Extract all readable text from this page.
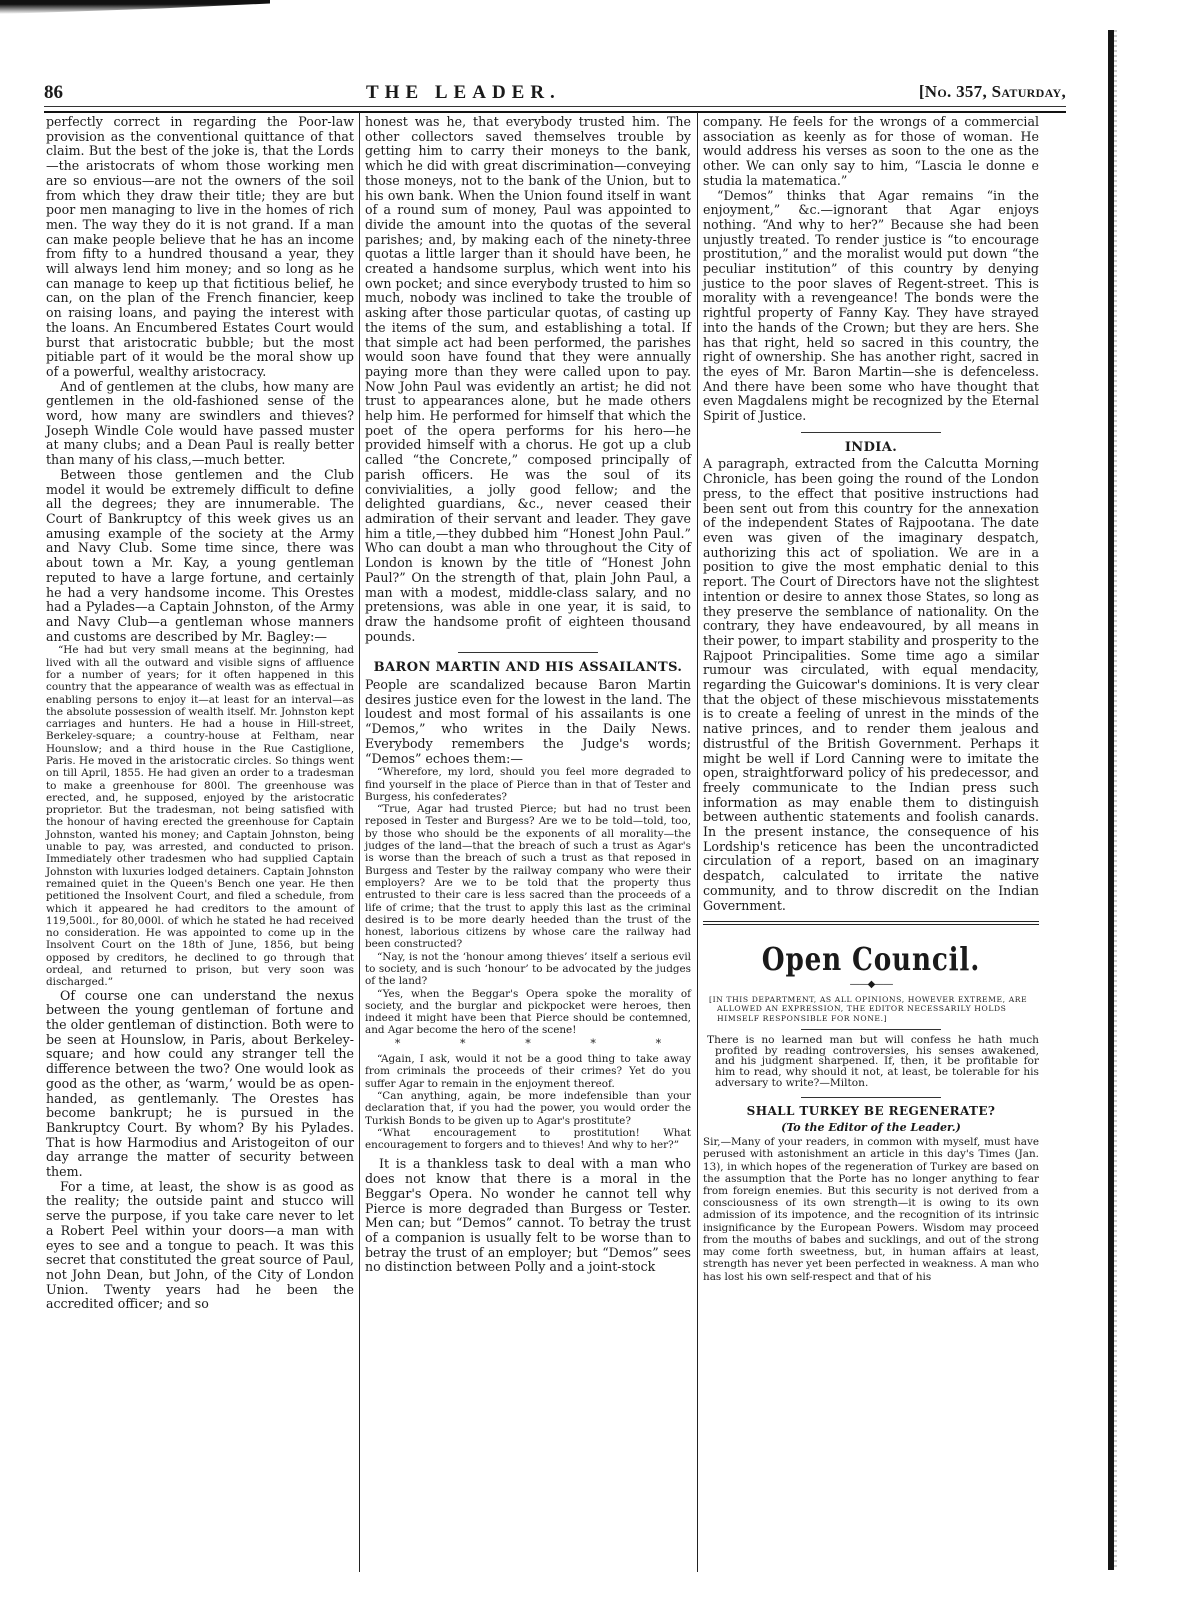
86	THE LEADER.	[No. 357, Saturday,

perfectly correct in regarding the Poor-law provision as the conventional quittance of that claim. But the best of the joke is, that the Lords—the aristocrats of whom those working men are so envious—are not the owners of the soil from which they draw their title; they are but poor men managing to live in the homes of rich men. The way they do it is not grand. If a man can make people believe that he has an income from fifty to a hundred thousand a year, they will always lend him money; and so long as he can manage to keep up that fictitious belief, he can, on the plan of the French financier, keep on raising loans, and paying the interest with the loans. An Encumbered Estates Court would burst that aristocratic bubble; but the most pitiable part of it would be the moral show up of a powerful, wealthy aristocracy.

And of gentlemen at the clubs, how many are gentlemen in the old-fashioned sense of the word, how many are swindlers and thieves? Joseph Windle Cole would have passed muster at many clubs; and a Dean Paul is really better than many of his class,—much better.

Between those gentlemen and the Club model it would be extremely difficult to define all the degrees; they are innumerable. The Court of Bankruptcy of this week gives us an amusing example of the society at the Army and Navy Club. Some time since, there was about town a Mr. Kay, a young gentleman reputed to have a large fortune, and certainly he had a very handsome income. This Orestes had a Pylades—a Captain Johnston, of the Army and Navy Club—a gentleman whose manners and customs are described by Mr. Bagley:—

“He had but very small means at the beginning, had lived with all the outward and visible signs of affluence for a number of years; for it often happened in this country that the appearance of wealth was as effectual in enabling persons to enjoy it—at least for an interval—as the absolute possession of wealth itself. Mr. Johnston kept carriages and hunters. He had a house in Hill-street, Berkeley-square; a country-house at Feltham, near Hounslow; and a third house in the Rue Castiglione, Paris. He moved in the aristocratic circles. So things went on till April, 1855. He had given an order to a tradesman to make a greenhouse for 800l. The greenhouse was erected, and, he supposed, enjoyed by the aristocratic proprietor. But the tradesman, not being satisfied with the honour of having erected the greenhouse for Captain Johnston, wanted his money; and Captain Johnston, being unable to pay, was arrested, and conducted to prison. Immediately other tradesmen who had supplied Captain Johnston with luxuries lodged detainers. Captain Johnston remained quiet in the Queen's Bench one year. He then petitioned the Insolvent Court, and filed a schedule, from which it appeared he had creditors to the amount of 119,500l., for 80,000l. of which he stated he had received no consideration. He was appointed to come up in the Insolvent Court on the 18th of June, 1856, but being opposed by creditors, he declined to go through that ordeal, and returned to prison, but very soon was discharged.”

Of course one can understand the nexus between the young gentleman of fortune and the older gentleman of distinction. Both were to be seen at Hounslow, in Paris, about Berkeley-square; and how could any stranger tell the difference between the two? One would look as good as the other, as ‘warm,’ would be as open-handed, as gentlemanly. The Orestes has become bankrupt; he is pursued in the Bankruptcy Court. By whom? By his Pylades. That is how Harmodius and Aristogeiton of our day arrange the matter of security between them.

For a time, at least, the show is as good as the reality; the outside paint and stucco will serve the purpose, if you take care never to let a Robert Peel within your doors—a man with eyes to see and a tongue to peach. It was this secret that constituted the great source of Paul, not John Dean, but John, of the City of London Union. Twenty years had he been the accredited officer; and so

honest was he, that everybody trusted him. The other collectors saved themselves trouble by getting him to carry their moneys to the bank, which he did with great discrimination—conveying those moneys, not to the bank of the Union, but to his own bank. When the Union found itself in want of a round sum of money, Paul was appointed to divide the amount into the quotas of the several parishes; and, by making each of the ninety-three quotas a little larger than it should have been, he created a handsome surplus, which went into his own pocket; and since everybody trusted to him so much, nobody was inclined to take the trouble of asking after those particular quotas, of casting up the items of the sum, and establishing a total. If that simple act had been performed, the parishes would soon have found that they were annually paying more than they were called upon to pay. Now John Paul was evidently an artist; he did not trust to appearances alone, but he made others help him. He performed for himself that which the poet of the opera performs for his hero—he provided himself with a chorus. He got up a club called “the Concrete,” composed principally of parish officers. He was the soul of its convivialities, a jolly good fellow; and the delighted guardians, &c., never ceased their admiration of their servant and leader. They gave him a title,—they dubbed him “Honest John Paul.” Who can doubt a man who throughout the City of London is known by the title of “Honest John Paul?” On the strength of that, plain John Paul, a man with a modest, middle-class salary, and no pretensions, was able in one year, it is said, to draw the handsome profit of eighteen thousand pounds.

BARON MARTIN AND HIS ASSAILANTS.

People are scandalized because Baron Martin desires justice even for the lowest in the land. The loudest and most formal of his assailants is one “Demos,” who writes in the Daily News. Everybody remembers the Judge's words; “Demos” echoes them:—

“Wherefore, my lord, should you feel more degraded to find yourself in the place of Pierce than in that of Tester and Burgess, his confederates?

“True, Agar had trusted Pierce; but had no trust been reposed in Tester and Burgess? Are we to be told—told, too, by those who should be the exponents of all morality—the judges of the land—that the breach of such a trust as Agar's is worse than the breach of such a trust as that reposed in Burgess and Tester by the railway company who were their employers? Are we to be told that the property thus entrusted to their care is less sacred than the proceeds of a life of crime; that the trust to apply this last as the criminal desired is to be more dearly heeded than the trust of the honest, laborious citizens by whose care the railway had been constructed?

“Nay, is not the ‘honour among thieves’ itself a serious evil to society, and is such ‘honour’ to be advocated by the judges of the land?

“Yes, when the Beggar's Opera spoke the morality of society, and the burglar and pickpocket were heroes, then indeed it might have been that Pierce should be contemned, and Agar become the hero of the scene!

*	*	*	*	*

“Again, I ask, would it not be a good thing to take away from criminals the proceeds of their crimes? Yet do you suffer Agar to remain in the enjoyment thereof.

“Can anything, again, be more indefensible than your declaration that, if you had the power, you would order the Turkish Bonds to be given up to Agar's prostitute?

“What encouragement to prostitution! What encouragement to forgers and to thieves! And why to her?”

It is a thankless task to deal with a man who does not know that there is a moral in the Beggar's Opera. No wonder he cannot tell why Pierce is more degraded than Burgess or Tester. Men can; but “Demos” cannot. To betray the trust of a companion is usually felt to be worse than to betray the trust of an employer; but “Demos” sees no distinction between Polly and a joint-stock

company. He feels for the wrongs of a commercial association as keenly as for those of woman. He would address his verses as soon to the one as the other. We can only say to him, “Lascia le donne e studia la matematica.”

“Demos” thinks that Agar remains “in the enjoyment,” &c.—ignorant that Agar enjoys nothing. “And why to her?” Because she had been unjustly treated. To render justice is “to encourage prostitution,” and the moralist would put down “the peculiar institution” of this country by denying justice to the poor slaves of Regent-street. This is morality with a revengeance! The bonds were the rightful property of Fanny Kay. They have strayed into the hands of the Crown; but they are hers. She has that right, held so sacred in this country, the right of ownership. She has another right, sacred in the eyes of Mr. Baron Martin—she is defenceless. And there have been some who have thought that even Magdalens might be recognized by the Eternal Spirit of Justice.

INDIA.

A paragraph, extracted from the Calcutta Morning Chronicle, has been going the round of the London press, to the effect that positive instructions had been sent out from this country for the annexation of the independent States of Rajpootana. The date even was given of the imaginary despatch, authorizing this act of spoliation. We are in a position to give the most emphatic denial to this report. The Court of Directors have not the slightest intention or desire to annex those States, so long as they preserve the semblance of nationality. On the contrary, they have endeavoured, by all means in their power, to impart stability and prosperity to the Rajpoot Principalities. Some time ago a similar rumour was circulated, with equal mendacity, regarding the Guicowar's dominions. It is very clear that the object of these mischievous misstatements is to create a feeling of unrest in the minds of the native princes, and to render them jealous and distrustful of the British Government. Perhaps it might be well if Lord Canning were to imitate the open, straightforward policy of his predecessor, and freely communicate to the Indian press such information as may enable them to distinguish between authentic statements and foolish canards. In the present instance, the consequence of his Lordship's reticence has been the uncontradicted circulation of a report, based on an imaginary despatch, calculated to irritate the native community, and to throw discredit on the Indian Government.

Open Council.
——◆——

[IN THIS DEPARTMENT, AS ALL OPINIONS, HOWEVER EXTREME, ARE ALLOWED AN EXPRESSION, THE EDITOR NECESSARILY HOLDS HIMSELF RESPONSIBLE FOR NONE.]

There is no learned man but will confess he hath much profited by reading controversies, his senses awakened, and his judgment sharpened. If, then, it be profitable for him to read, why should it not, at least, be tolerable for his adversary to write?—Milton.

SHALL TURKEY BE REGENERATE?
(To the Editor of the Leader.)

Sir,—Many of your readers, in common with myself, must have perused with astonishment an article in this day's Times (Jan. 13), in which hopes of the regeneration of Turkey are based on the assumption that the Porte has no longer anything to fear from foreign enemies. But this security is not derived from a consciousness of its own strength—it is owing to its own admission of its impotence, and the recognition of its intrinsic insignificance by the European Powers. Wisdom may proceed from the mouths of babes and sucklings, and out of the strong may come forth sweetness, but, in human affairs at least, strength has never yet been perfected in weakness. A man who has lost his own self-respect and that of his
